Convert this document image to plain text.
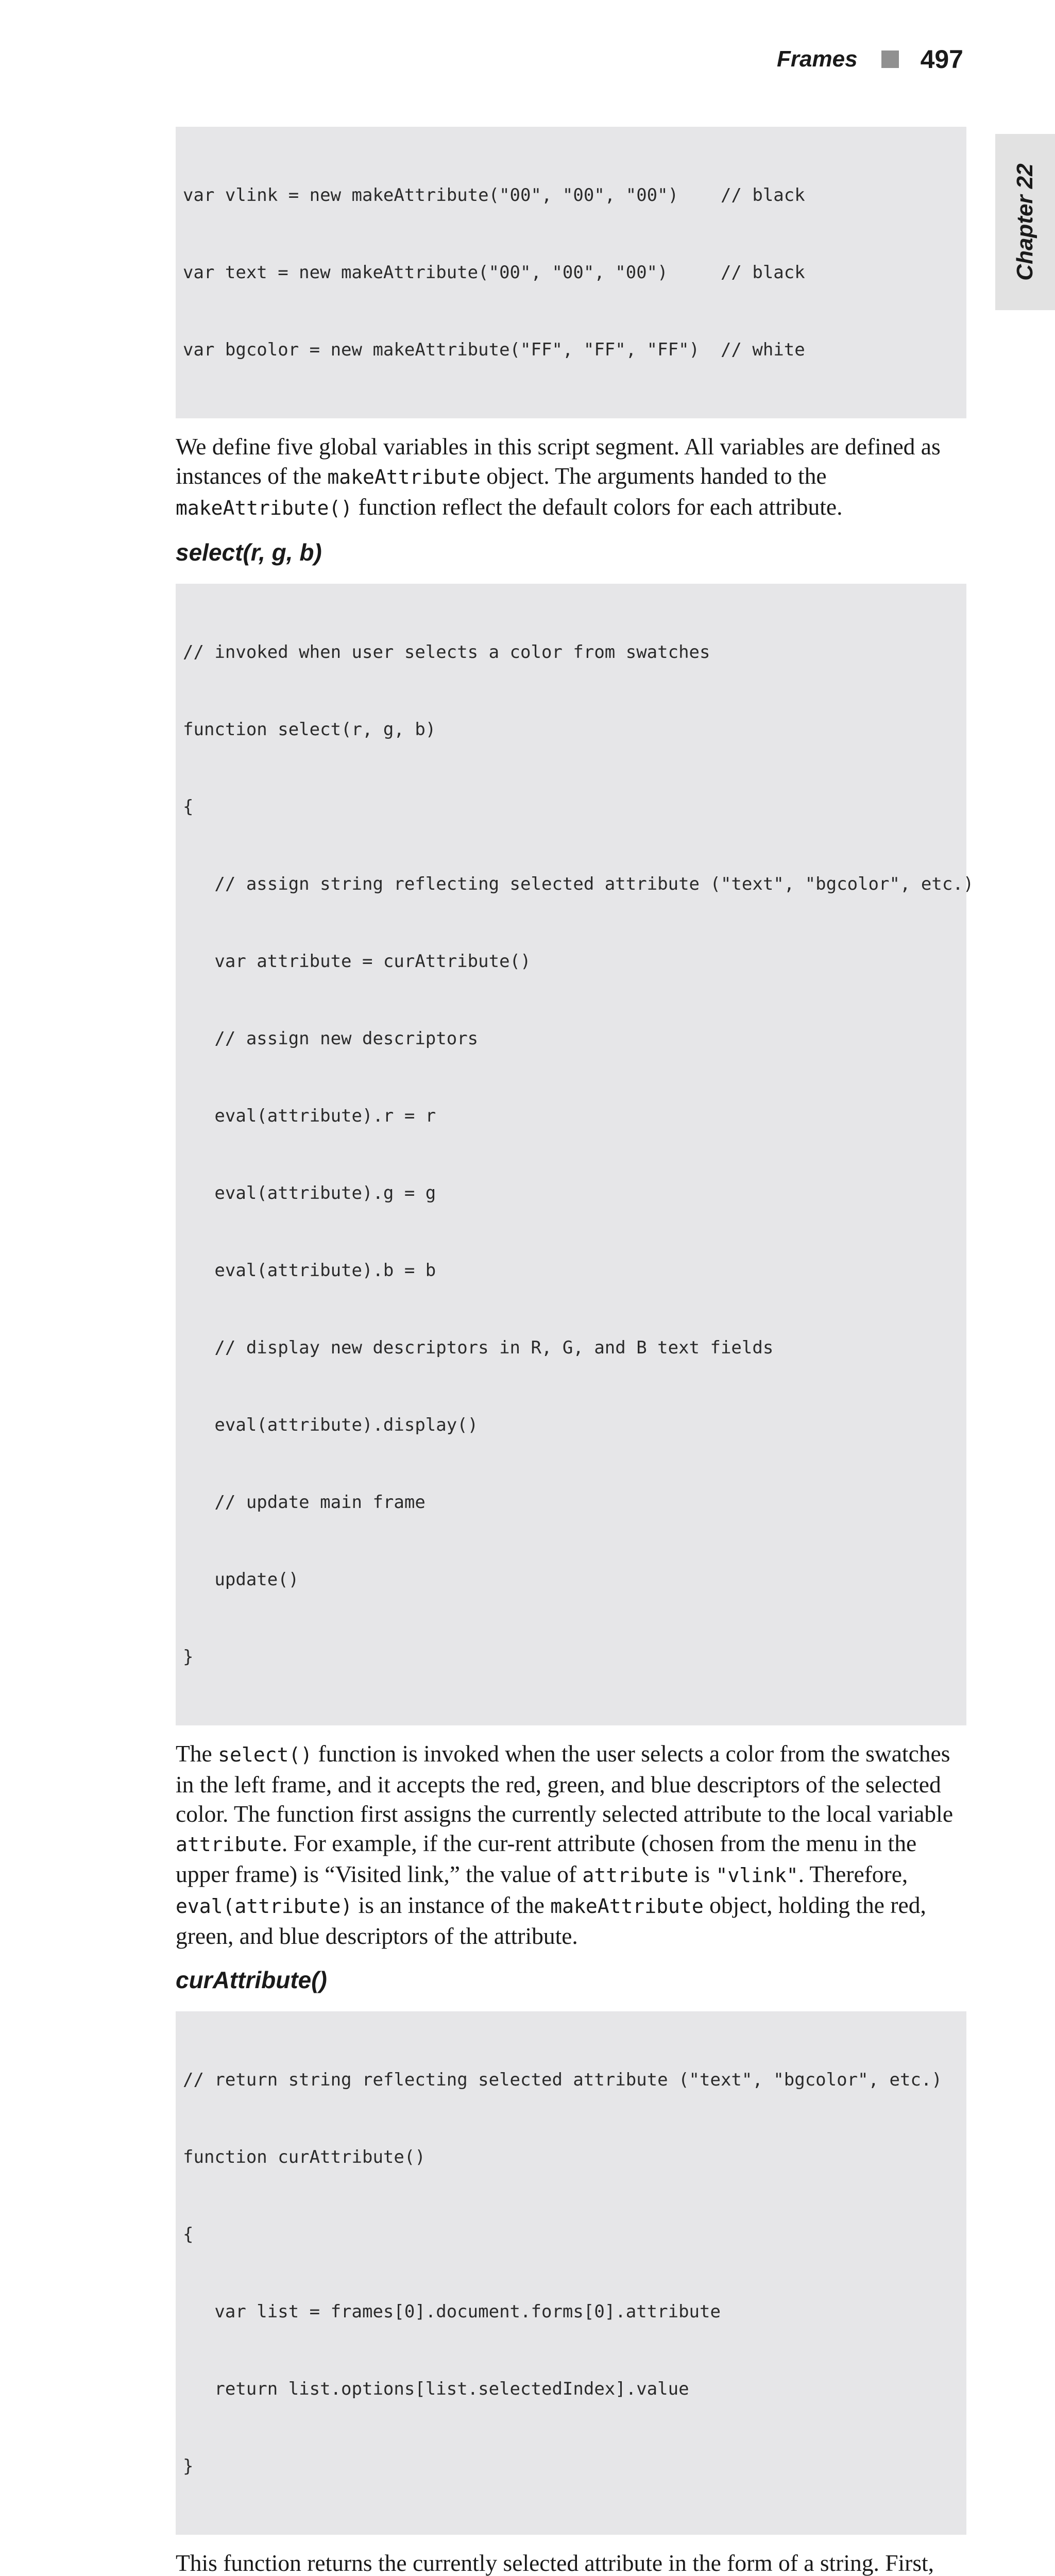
Frames 497
Chapter 22

var vlink = new makeAttribute("00", "00", "00")    // black

var text = new makeAttribute("00", "00", "00")     // black

var bgcolor = new makeAttribute("FF", "FF", "FF")  // white

We define five global variables in this script segment. All variables are defined as instances of the makeAttribute object. The arguments handed to the makeAttribute() function reflect the default colors for each attribute.

select(r, g, b)

// invoked when user selects a color from swatches

function select(r, g, b)

{

// assign string reflecting selected attribute ("text", "bgcolor", etc.)

var attribute = curAttribute()

// assign new descriptors

eval(attribute).r = r

eval(attribute).g = g

eval(attribute).b = b

// display new descriptors in R, G, and B text fields

eval(attribute).display()

// update main frame

update()

}

The select() function is invoked when the user selects a color from the swatches in the left frame, and it accepts the red, green, and blue descriptors of the selected color. The function first assigns the currently selected attribute to the local variable attribute. For example, if the cur-rent attribute (chosen from the menu in the upper frame) is “Visited link,” the value of attribute is "vlink". Therefore, eval(attribute) is an instance of the makeAttribute object, holding the red, green, and blue descriptors of the attribute.

curAttribute()

// return string reflecting selected attribute ("text", "bgcolor", etc.)

function curAttribute()

{

var list = frames[0].document.forms[0].attribute

return list.options[list.selectedIndex].value

}

This function returns the currently selected attribute in the form of a string. First,
